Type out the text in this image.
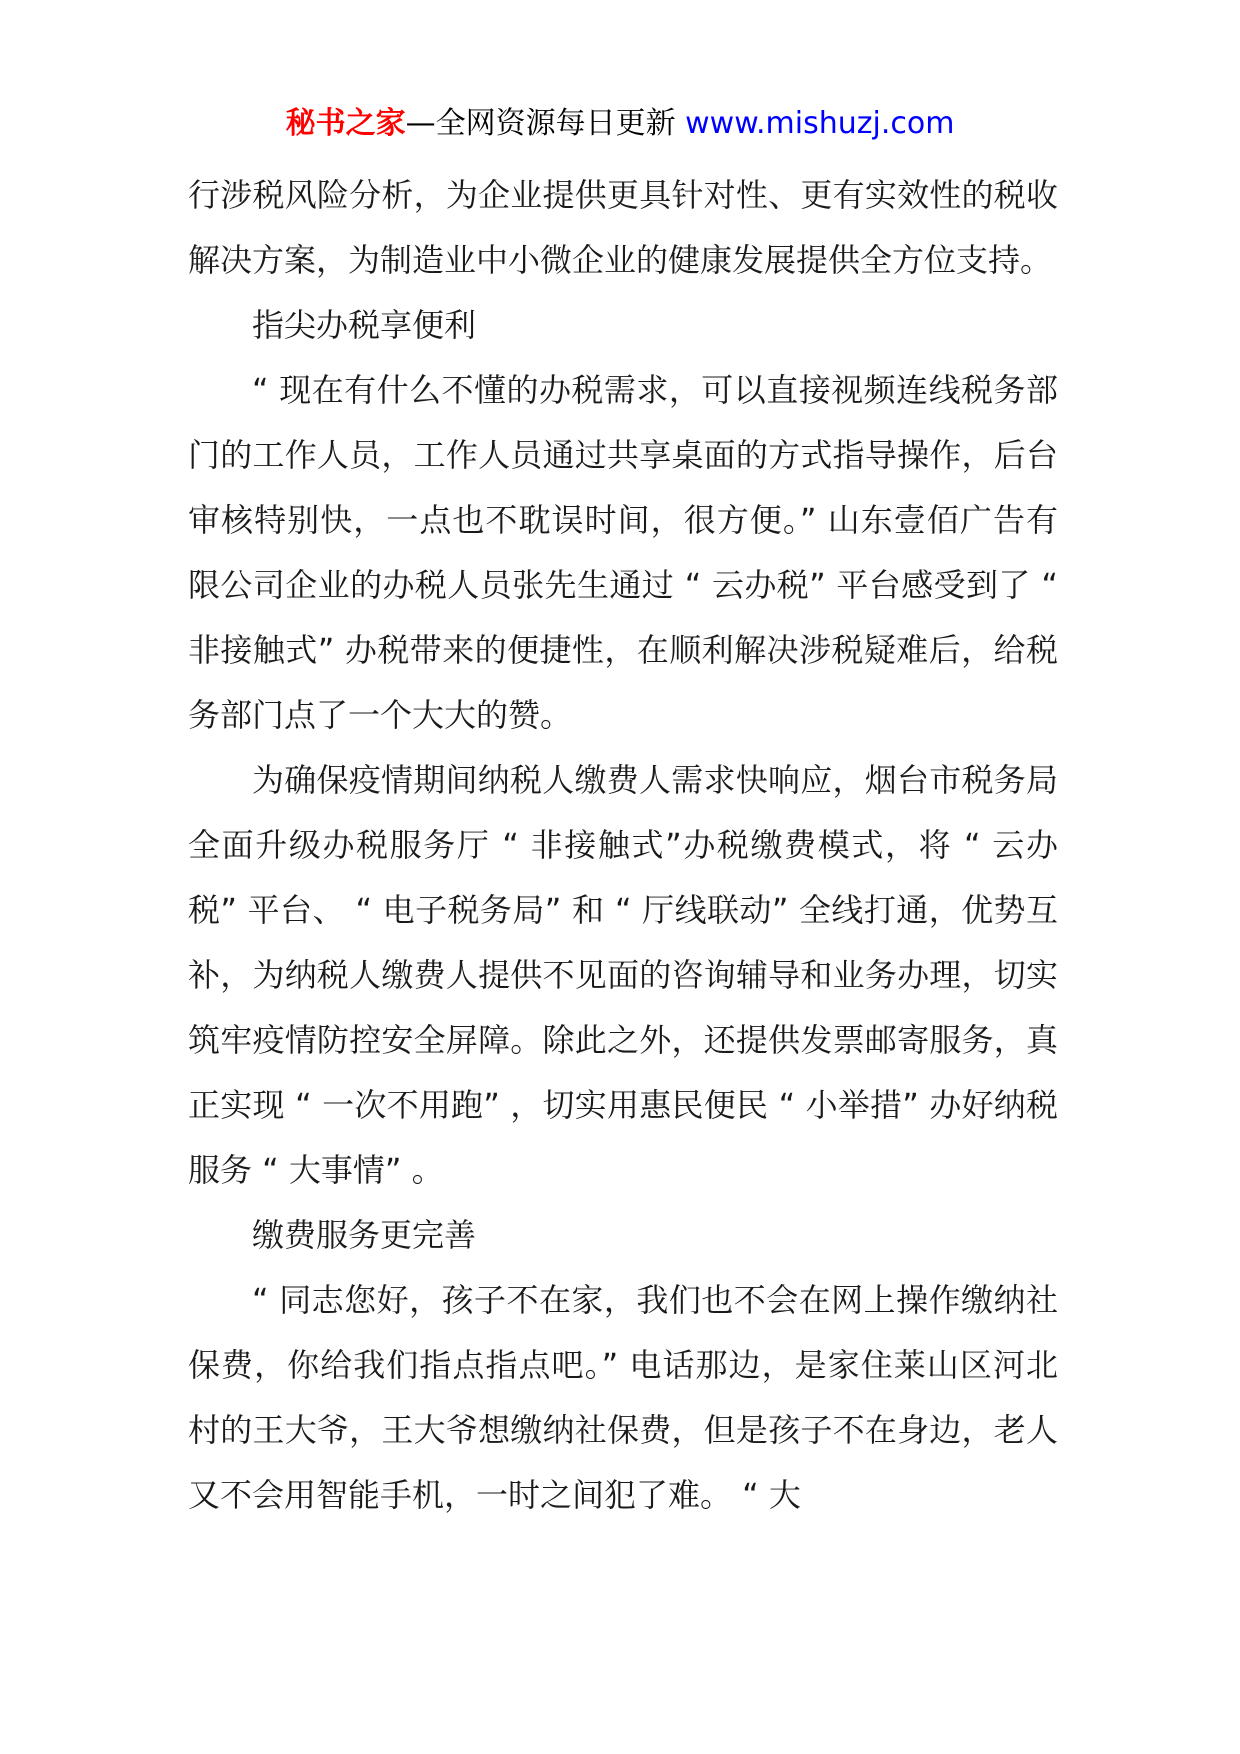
秘书之家—全网资源每日更新 www.mishuzj.com

行涉税风险分析，为企业提供更具针对性、更有实效性的税收解决方案，为制造业中小微企业的健康发展提供全方位支持。

指尖办税享便利

“ 现在有什么不懂的办税需求，可以直接视频连线税务部门的工作人员，工作人员通过共享桌面的方式指导操作，后台审核特别快，一点也不耽误时间，很方便。” 山东壹佰广告有限公司企业的办税人员张先生通过 “ 云办税” 平台感受到了 “ 非接触式” 办税带来的便捷性，在顺利解决涉税疑难后，给税务部门点了一个大大的赞。

为确保疫情期间纳税人缴费人需求快响应，烟台市税务局全面升级办税服务厅 “ 非接触式”办税缴费模式，将 “ 云办税” 平台、 “ 电子税务局” 和 “ 厅线联动” 全线打通，优势互补，为纳税人缴费人提供不见面的咨询辅导和业务办理，切实筑牢疫情防控安全屏障。除此之外，还提供发票邮寄服务，真正实现 “ 一次不用跑” ，切实用惠民便民 “ 小举措” 办好纳税服务 “ 大事情” 。

缴费服务更完善

“ 同志您好，孩子不在家，我们也不会在网上操作缴纳社保费，你给我们指点指点吧。” 电话那边，是家住莱山区河北村的王大爷，王大爷想缴纳社保费，但是孩子不在身边，老人又不会用智能手机，一时之间犯了难。 “ 大
